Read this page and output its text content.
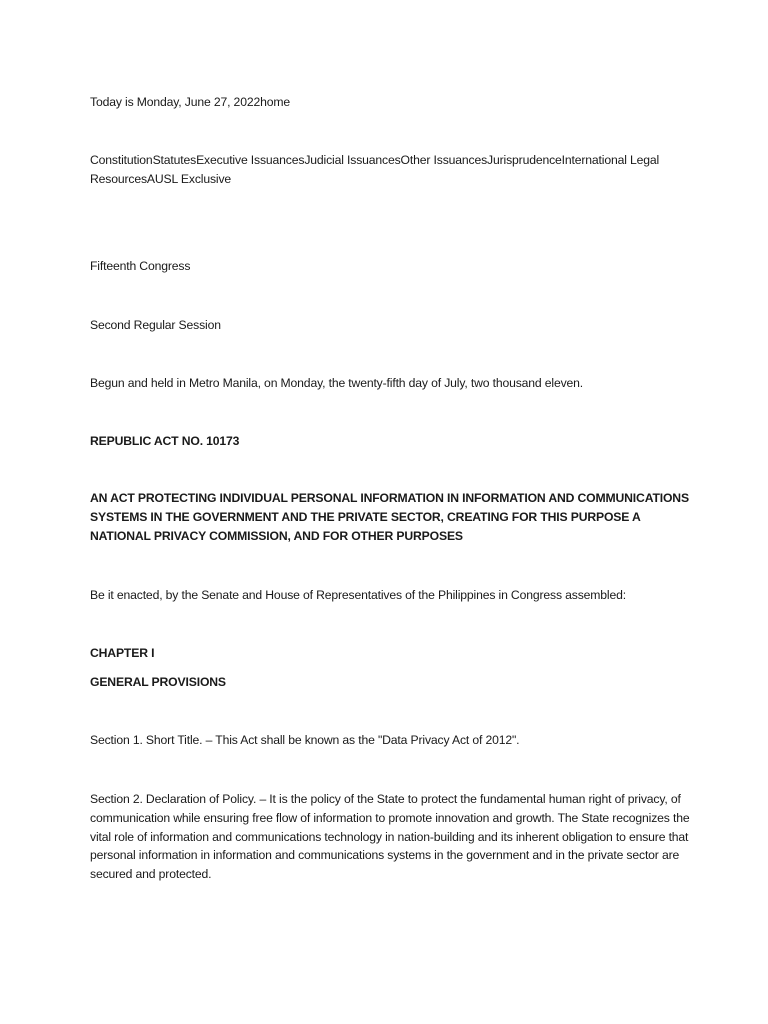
Today is Monday, June 27, 2022home
ConstitutionStatutesExecutive IssuancesJudicial IssuancesOther IssuancesJurisprudenceInternational Legal ResourcesAUSL Exclusive
Fifteenth Congress
Second Regular Session
Begun and held in Metro Manila, on Monday, the twenty-fifth day of July, two thousand eleven.
REPUBLIC ACT NO. 10173
AN ACT PROTECTING INDIVIDUAL PERSONAL INFORMATION IN INFORMATION AND COMMUNICATIONS SYSTEMS IN THE GOVERNMENT AND THE PRIVATE SECTOR, CREATING FOR THIS PURPOSE A NATIONAL PRIVACY COMMISSION, AND FOR OTHER PURPOSES
Be it enacted, by the Senate and House of Representatives of the Philippines in Congress assembled:
CHAPTER I
GENERAL PROVISIONS
Section 1. Short Title. – This Act shall be known as the "Data Privacy Act of 2012".
Section 2. Declaration of Policy. – It is the policy of the State to protect the fundamental human right of privacy, of communication while ensuring free flow of information to promote innovation and growth. The State recognizes the vital role of information and communications technology in nation-building and its inherent obligation to ensure that personal information in information and communications systems in the government and in the private sector are secured and protected.
